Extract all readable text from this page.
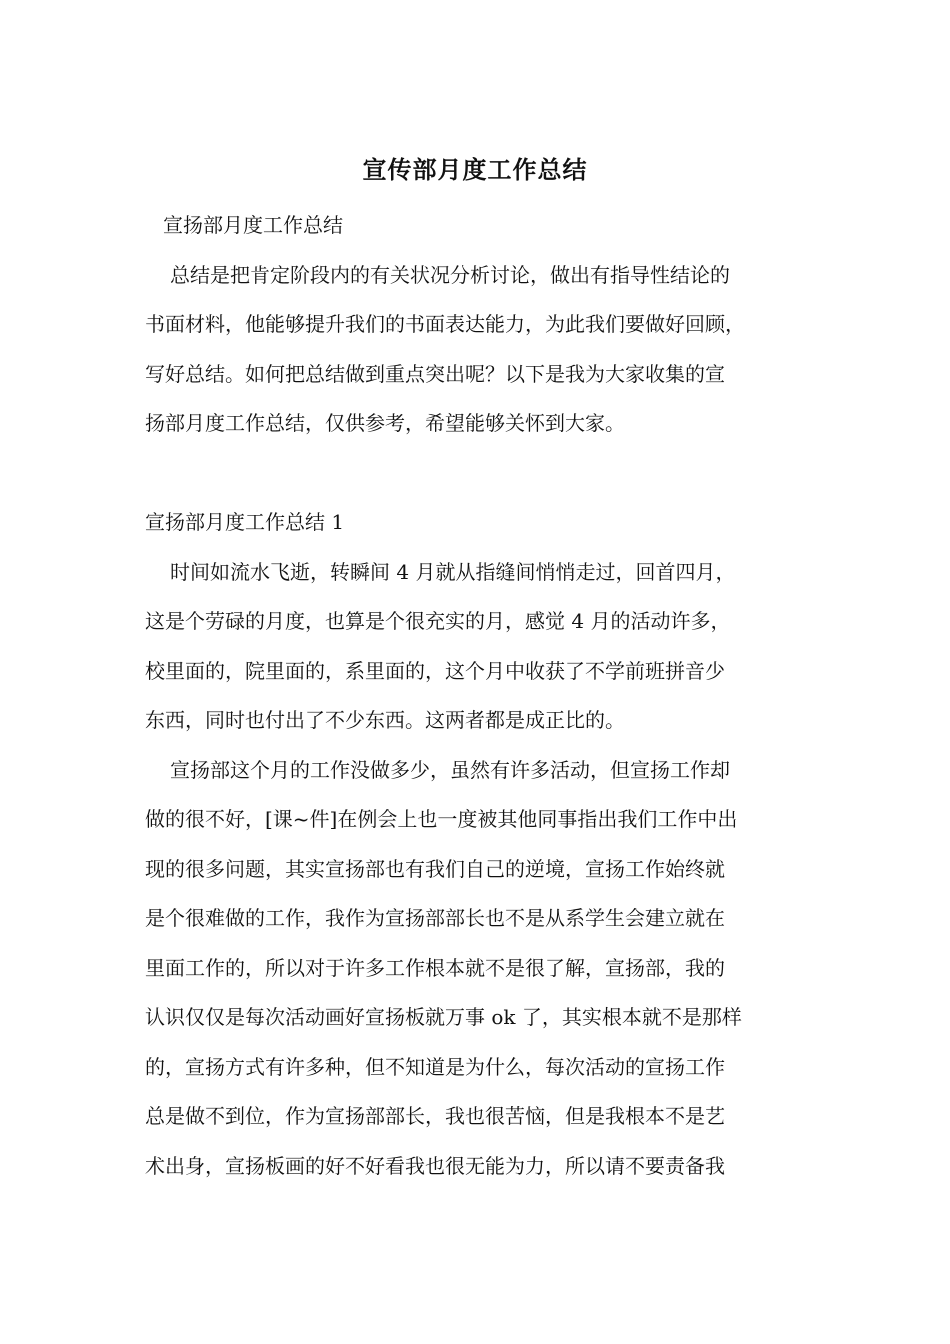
宣传部月度工作总结
宣扬部月度工作总结
总结是把肯定阶段内的有关状况分析讨论，做出有指导性结论的
书面材料，他能够提升我们的书面表达能力，为此我们要做好回顾，
写好总结。如何把总结做到重点突出呢？以下是我为大家收集的宣
扬部月度工作总结，仅供参考，希望能够关怀到大家。
宣扬部月度工作总结 1
时间如流水飞逝，转瞬间 4 月就从指缝间悄悄走过，回首四月，
这是个劳碌的月度，也算是个很充实的月，感觉 4 月的活动许多，
校里面的，院里面的，系里面的，这个月中收获了不学前班拼音少
东西，同时也付出了不少东西。这两者都是成正比的。
宣扬部这个月的工作没做多少，虽然有许多活动，但宣扬工作却
做的很不好，[课~件]在例会上也一度被其他同事指出我们工作中出
现的很多问题，其实宣扬部也有我们自己的逆境，宣扬工作始终就
是个很难做的工作，我作为宣扬部部长也不是从系学生会建立就在
里面工作的，所以对于许多工作根本就不是很了解，宣扬部，我的
认识仅仅是每次活动画好宣扬板就万事 ok 了，其实根本就不是那样
的，宣扬方式有许多种，但不知道是为什么，每次活动的宣扬工作
总是做不到位，作为宣扬部部长，我也很苦恼，但是我根本不是艺
术出身，宣扬板画的好不好看我也很无能为力，所以请不要责备我
